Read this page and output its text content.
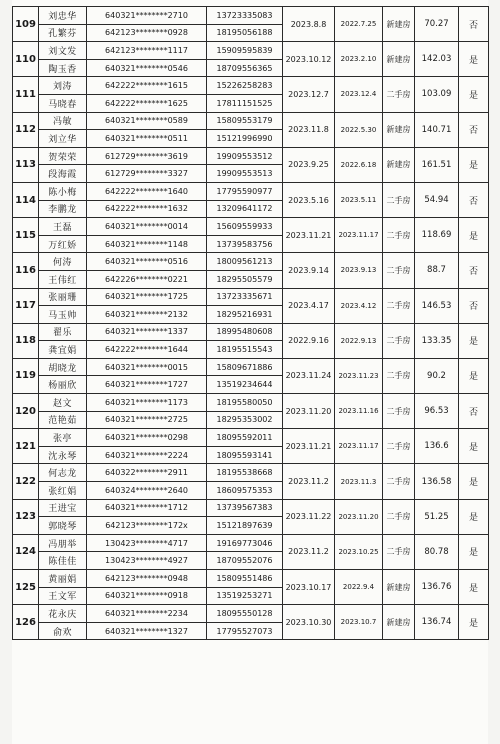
109	刘忠华	640321********2710	13723335083	2023.8.8	2022.7.25	新建房	70.27	否
	孔繁芬	642123********0928	18195056188					
110	刘文发	642123********1117	15909595839	2023.10.12	2023.2.10	新建房	142.03	是
	陶玉香	640321********0546	18709556365					
111	刘涛	642222********1615	15226258283	2023.12.7	2023.12.4	二手房	103.09	是
	马晓春	642222********1625	17811151525					
112	冯敏	640321********0589	15809553179	2023.11.8	2022.5.30	新建房	140.71	否
	刘立华	640321********0511	15121996990					
113	贺荣荣	612729********3619	19909553512	2023.9.25	2022.6.18	新建房	161.51	是
	段海霞	612729********3327	19909553513					
114	陈小梅	642222********1640	17795590977	2023.5.16	2023.5.11	二手房	54.94	否
	李鹏龙	642222********1632	13209641172					
115	王磊	640321********0014	15609559933	2023.11.21	2023.11.17	二手房	118.69	是
	万红娇	640321********1148	13739583756					
116	何涛	640321********0516	18009561213	2023.9.14	2023.9.13	二手房	88.7	否
	王伟红	642226********0221	18295505579					
117	张丽珊	640321********1725	13723335671	2023.4.17	2023.4.12	二手房	146.53	否
	马玉帅	640321********2132	18295216931					
118	翟乐	640321********1337	18995480608	2022.9.16	2022.9.13	二手房	133.35	是
	龚宜娟	642222********1644	18195515543					
119	胡晓龙	640321********0015	15809671886	2023.11.24	2023.11.23	二手房	90.2	是
	杨丽欣	640321********1727	13519234644					
120	赵文	640321********1173	18195580050	2023.11.20	2023.11.16	二手房	96.53	否
	范艳茹	640321********2725	18295353002					
121	张亭	640321********0298	18095592011	2023.11.21	2023.11.17	二手房	136.6	是
	沈永琴	640321********2224	18095593141					
122	何志龙	640322********2911	18195538668	2023.11.2	2023.11.3	二手房	136.58	是
	张红娟	640324********2640	18609575353					
123	王进宝	640321********1712	13739567383	2023.11.22	2023.11.20	二手房	51.25	是
	郭晓琴	642123********172x	15121897639					
124	冯朋举	130423********4717	19169773046	2023.11.2	2023.10.25	二手房	80.78	是
	陈佳佳	130423********4927	18709552076					
125	黄丽娟	642123********0948	15809551486	2023.10.17	2022.9.4	新建房	136.76	是
	王文军	640321********0918	13519253271					
126	花永庆	640321********2234	18095550128	2023.10.30	2023.10.7	新建房	136.74	是
	俞欢	640321********1327	17795527073					
